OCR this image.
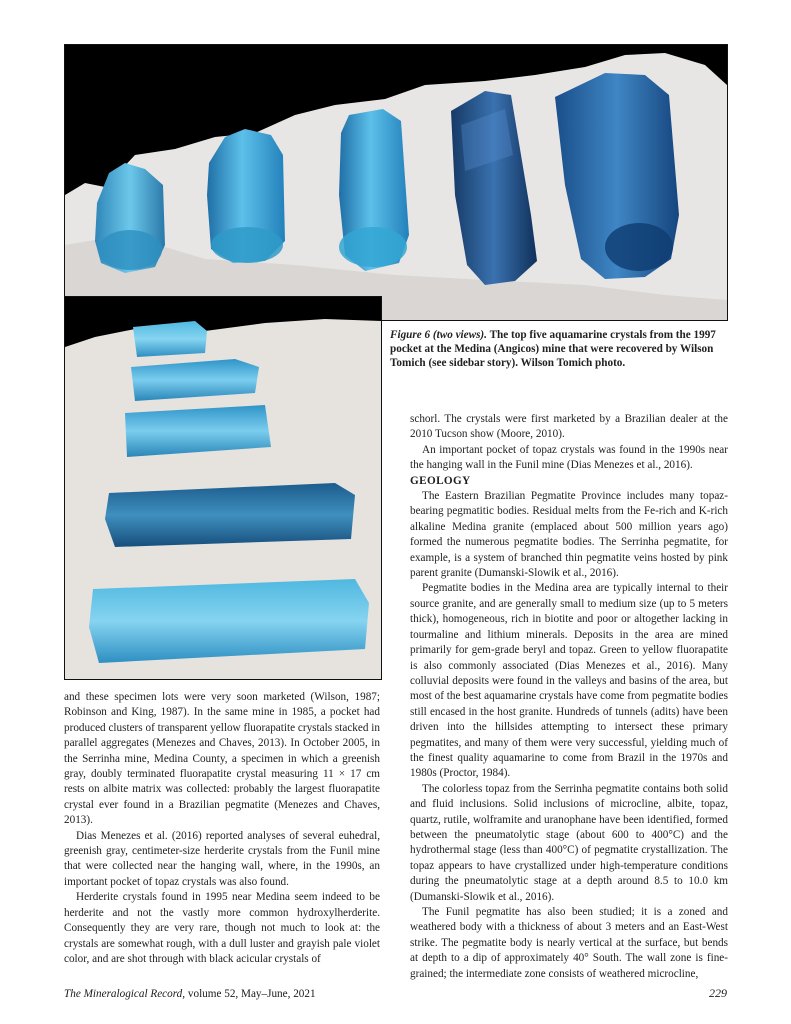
Figure 6 (two views). The top five aquamarine crystals from the 1997 pocket at the Medina (Angicos) mine that were recovered by Wilson Tomich (see sidebar story). Wilson Tomich photo.

and these specimen lots were very soon marketed (Wilson, 1987; Robinson and King, 1987). In the same mine in 1985, a pocket had produced clusters of transparent yellow fluorapatite crystals stacked in parallel aggregates (Menezes and Chaves, 2013). In October 2005, in the Serrinha mine, Medina County, a specimen in which a greenish gray, doubly terminated fluorapatite crystal measuring 11 × 17 cm rests on albite matrix was collected: probably the largest fluorapatite crystal ever found in a Brazilian pegmatite (Menezes and Chaves, 2013).

Dias Menezes et al. (2016) reported analyses of several euhedral, greenish gray, centimeter-size herderite crystals from the Funil mine that were collected near the hanging wall, where, in the 1990s, an important pocket of topaz crystals was also found.

Herderite crystals found in 1995 near Medina seem indeed to be herderite and not the vastly more common hydroxylherderite. Consequently they are very rare, though not much to look at: the crystals are somewhat rough, with a dull luster and grayish pale violet color, and are shot through with black acicular crystals of

schorl. The crystals were first marketed by a Brazilian dealer at the 2010 Tucson show (Moore, 2010).

An important pocket of topaz crystals was found in the 1990s near the hanging wall in the Funil mine (Dias Menezes et al., 2016).

GEOLOGY

The Eastern Brazilian Pegmatite Province includes many topaz-bearing pegmatitic bodies. Residual melts from the Fe-rich and K-rich alkaline Medina granite (emplaced about 500 million years ago) formed the numerous pegmatite bodies. The Serrinha pegmatite, for example, is a system of branched thin pegmatite veins hosted by pink parent granite (Dumanski-Slowik et al., 2016).

Pegmatite bodies in the Medina area are typically internal to their source granite, and are generally small to medium size (up to 5 meters thick), homogeneous, rich in biotite and poor or altogether lacking in tourmaline and lithium minerals. Deposits in the area are mined primarily for gem-grade beryl and topaz. Green to yellow fluorapatite is also commonly associated (Dias Menezes et al., 2016). Many colluvial deposits were found in the valleys and basins of the area, but most of the best aquamarine crystals have come from pegmatite bodies still encased in the host granite. Hundreds of tunnels (adits) have been driven into the hillsides attempting to intersect these primary pegmatites, and many of them were very successful, yielding much of the finest quality aquamarine to come from Brazil in the 1970s and 1980s (Proctor, 1984).

The colorless topaz from the Serrinha pegmatite contains both solid and fluid inclusions. Solid inclusions of microcline, albite, topaz, quartz, rutile, wolframite and uranophane have been identified, formed between the pneumatolytic stage (about 600 to 400°C) and the hydrothermal stage (less than 400°C) of pegmatite crystallization. The topaz appears to have crystallized under high-temperature conditions during the pneumatolytic stage at a depth around 8.5 to 10.0 km (Dumanski-Slowik et al., 2016).

The Funil pegmatite has also been studied; it is a zoned and weathered body with a thickness of about 3 meters and an East-West strike. The pegmatite body is nearly vertical at the surface, but bends at depth to a dip of approximately 40° South. The wall zone is fine-grained; the intermediate zone consists of weathered microcline,

The Mineralogical Record, volume 52, May–June, 2021	229
